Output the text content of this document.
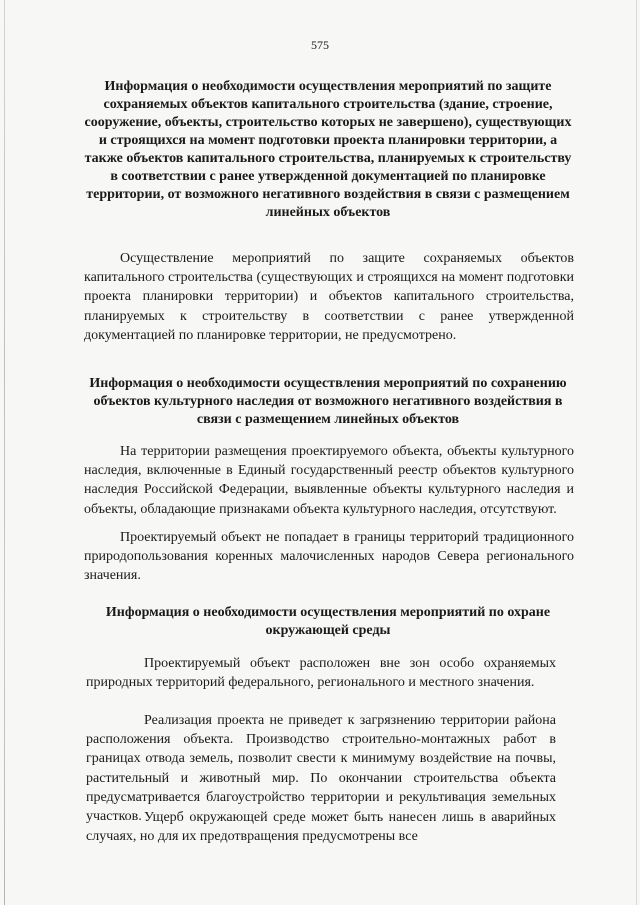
575
Информация о необходимости осуществления мероприятий по защите сохраняемых объектов капитального строительства (здание, строение, сооружение, объекты, строительство которых не завершено), существующих и строящихся на момент подготовки проекта планировки территории, а также объектов капитального строительства, планируемых к строительству в соответствии с ранее утвержденной документацией по планировке территории, от возможного негативного воздействия в связи с размещением линейных объектов

Осуществление мероприятий по защите сохраняемых объектов капитального строительства (существующих и строящихся на момент подготовки проекта планировки территории) и объектов капитального строительства, планируемых к строительству в соответствии с ранее утвержденной документацией по планировке территории, не предусмотрено.

Информация о необходимости осуществления мероприятий по сохранению объектов культурного наследия от возможного негативного воздействия в связи с размещением линейных объектов

На территории размещения проектируемого объекта, объекты культурного наследия, включенные в Единый государственный реестр объектов культурного наследия Российской Федерации, выявленные объекты культурного наследия и объекты, обладающие признаками объекта культурного наследия, отсутствуют.

Проектируемый объект не попадает в границы территорий традиционного природопользования коренных малочисленных народов Севера регионального значения.

Информация о необходимости осуществления мероприятий по охране окружающей среды

Проектируемый объект расположен вне зон особо охраняемых природных территорий федерального, регионального и местного значения.

Реализация проекта не приведет к загрязнению территории района расположения объекта. Производство строительно-монтажных работ в границах отвода земель, позволит свести к минимуму воздействие на почвы, растительный и животный мир. По окончании строительства объекта предусматривается благоустройство территории и рекультивация земельных участков. Ущерб окружающей среде может быть нанесен лишь в аварийных случаях, но для их предотвращения предусмотрены все
